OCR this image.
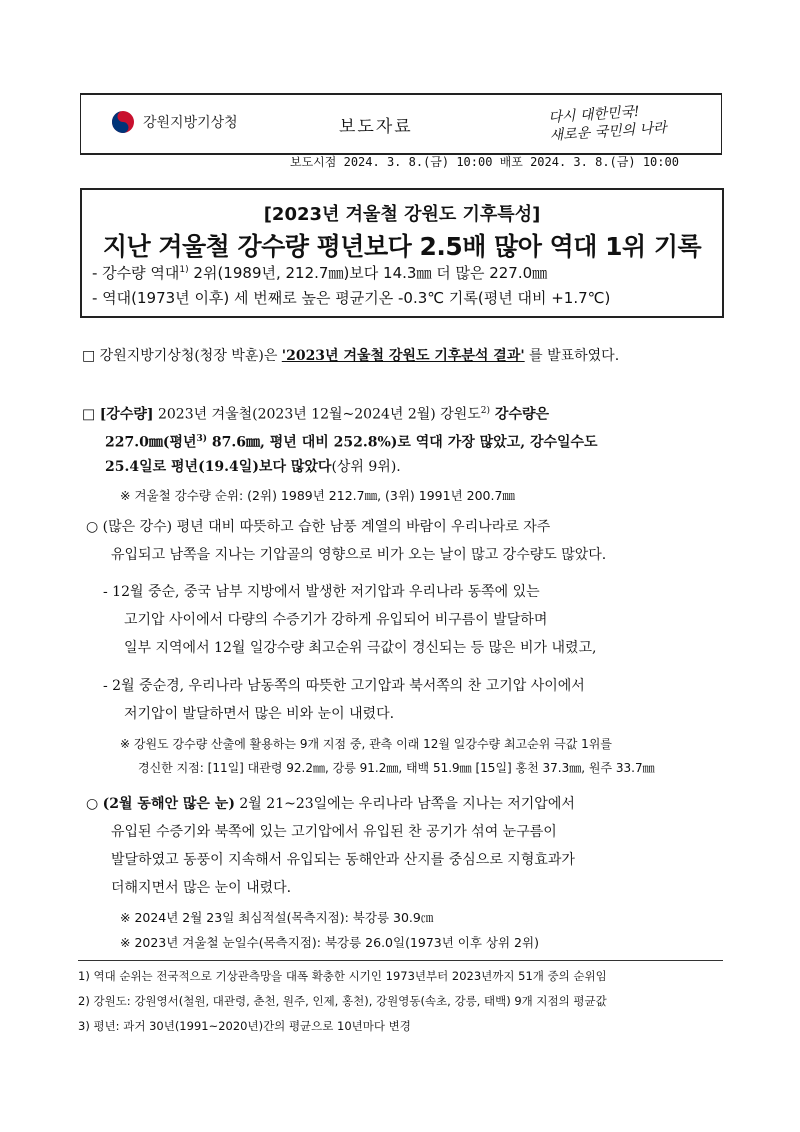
강원지방기상청	보도자료
다시 대한민국!
새로운 국민의 나라
보도시점 2024. 3. 8.(금) 10:00 배포 2024. 3. 8.(금) 10:00
[2023년 겨울철 강원도 기후특성]
지난 겨울철 강수량 평년보다 2.5배 많아 역대 1위 기록
- 강수량 역대$^{1)}$ 2위(1989년, 212.7㎜)보다 14.3㎜ 더 많은 227.0㎜
- 역대(1973년 이후) 세 번째로 높은 평균기온 -0.3℃ 기록(평년 대비 +1.7℃)
□ 강원지방기상청(청장 박훈)은 '2023년 겨울철 강원도 기후분석 결과' 를 발표하였다.
□ [강수량] 2023년 겨울철(2023년 12월~2024년 2월) 강원도$^{2)}$ 강수량은
227.0㎜(평년$^{3)}$ 87.6㎜, 평년 대비 252.8%)로 역대 가장 많았고, 강수일수도
25.4일로 평년(19.4일)보다 많았다(상위 9위).
※ 겨울철 강수량 순위: (2위) 1989년 212.7㎜, (3위) 1991년 200.7㎜
○ (많은 강수) 평년 대비 따뜻하고 습한 남풍 계열의 바람이 우리나라로 자주
유입되고 남쪽을 지나는 기압골의 영향으로 비가 오는 날이 많고 강수량도 많았다.
- 12월 중순, 중국 남부 지방에서 발생한 저기압과 우리나라 동쪽에 있는
고기압 사이에서 다량의 수증기가 강하게 유입되어 비구름이 발달하며
일부 지역에서 12월 일강수량 최고순위 극값이 경신되는 등 많은 비가 내렸고,
- 2월 중순경, 우리나라 남동쪽의 따뜻한 고기압과 북서쪽의 찬 고기압 사이에서
저기압이 발달하면서 많은 비와 눈이 내렸다.
※ 강원도 강수량 산출에 활용하는 9개 지점 중, 관측 이래 12월 일강수량 최고순위 극값 1위를
경신한 지점: [11일] 대관령 92.2㎜, 강릉 91.2㎜, 태백 51.9㎜ [15일] 홍천 37.3㎜, 원주 33.7㎜
○ (2월 동해안 많은 눈) 2월 21~23일에는 우리나라 남쪽을 지나는 저기압에서
유입된 수증기와 북쪽에 있는 고기압에서 유입된 찬 공기가 섞여 눈구름이
발달하였고 동풍이 지속해서 유입되는 동해안과 산지를 중심으로 지형효과가
더해지면서 많은 눈이 내렸다.
※ 2024년 2월 23일 최심적설(목측지점): 북강릉 30.9㎝
※ 2023년 겨울철 눈일수(목측지점): 북강릉 26.0일(1973년 이후 상위 2위)
1) 역대 순위는 전국적으로 기상관측망을 대폭 확충한 시기인 1973년부터 2023년까지 51개 중의 순위임
2) 강원도: 강원영서(철원, 대관령, 춘천, 원주, 인제, 홍천), 강원영동(속초, 강릉, 태백) 9개 지점의 평균값
3) 평년: 과거 30년(1991~2020년)간의 평균으로 10년마다 변경
